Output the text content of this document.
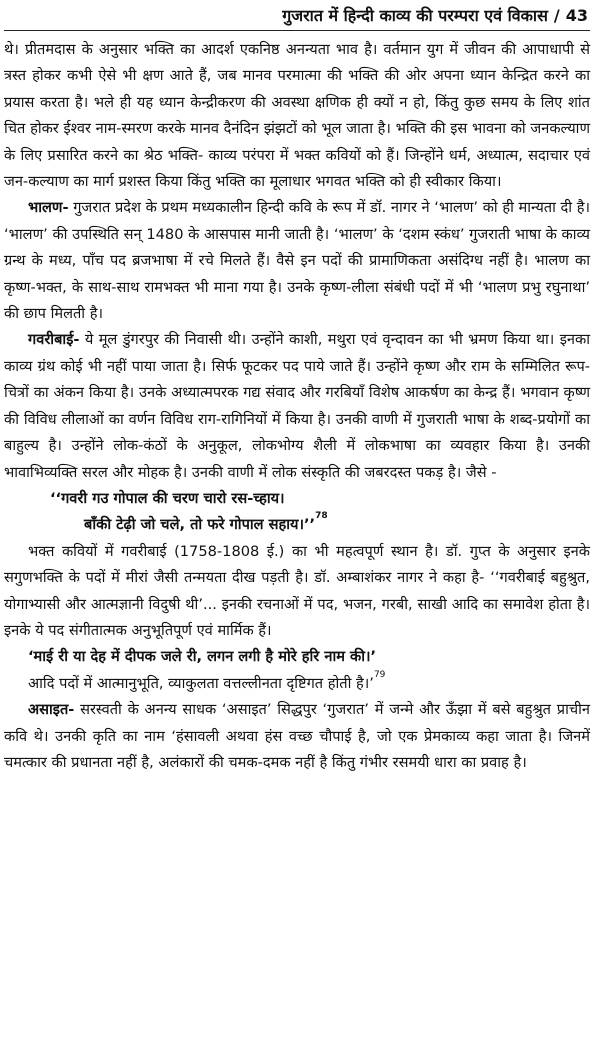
गुजरात में हिन्दी काव्य की परम्परा एवं विकास / 43

थे। प्रीतमदास के अनुसार भक्ति का आदर्श एकनिष्ठ अनन्यता भाव है। वर्तमान युग में जीवन की आपाधापी से त्रस्त होकर कभी ऐसे भी क्षण आते हैं, जब मानव परमात्मा की भक्ति की ओर अपना ध्यान केन्द्रित करने का प्रयास करता है। भले ही यह ध्यान केन्द्रीकरण की अवस्था क्षणिक ही क्यों न हो, किंतु कुछ समय के लिए शांत चित होकर ईश्वर नाम-स्मरण करके मानव दैनंदिन झंझटों को भूल जाता है। भक्ति की इस भावना को जनकल्याण के लिए प्रसारित करने का श्रेठ भक्ति- काव्य परंपरा में भक्त कवियों को हैं। जिन्होंने धर्म, अध्यात्म, सदाचार एवं जन-कल्याण का मार्ग प्रशस्त किया किंतु भक्ति का मूलाधार भगवत भक्ति को ही स्वीकार किया।

भालण- गुजरात प्रदेश के प्रथम मध्यकालीन हिन्दी कवि के रूप में डॉ. नागर ने ‘भालण’ को ही मान्यता दी है। ‘भालण’ की उपस्थिति सन् 1480 के आसपास मानी जाती है। ‘भालण’ के ‘दशम स्कंध’ गुजराती भाषा के काव्य ग्रन्थ के मध्य, पाँच पद ब्रजभाषा में रचे मिलते हैं। वैसे इन पदों की प्रामाणिकता असंदिग्ध नहीं है। भालण का कृष्ण-भक्त, के साथ-साथ रामभक्त भी माना गया है। उनके कृष्ण-लीला संबंधी पदों में भी ‘भालण प्रभु रघुनाथा’ की छाप मिलती है।

गवरीबाई- ये मूल डुंगरपुर की निवासी थी। उन्होंने काशी, मथुरा एवं वृन्दावन का भी भ्रमण किया था। इनका काव्य ग्रंथ कोई भी नहीं पाया जाता है। सिर्फ फूटकर पद पाये जाते हैं। उन्होंने कृष्ण और राम के सम्मिलित रूप-चित्रों का अंकन किया है। उनके अध्यात्मपरक गद्य संवाद और गरबियाँ विशेष आकर्षण का केन्द्र हैं। भगवान कृष्ण की विविध लीलाओं का वर्णन विविध राग-रागिनियों में किया है। उनकी वाणी में गुजराती भाषा के शब्द-प्रयोगों का बाहुल्य है। उन्होंने लोक-कंठों के अनुकूल, लोकभोग्य शैली में लोकभाषा का व्यवहार किया है। उनकी भावाभिव्यक्ति सरल और मोहक है। उनकी वाणी में लोक संस्कृति की जबरदस्त पकड़ है। जैसे -

‘‘गवरी गउ गोपाल की चरण चारो रस-च्हाय।
बाँकी टेढ़ी जो चले, तो फरे गोपाल सहाय।’’$^{78}$

भक्त कवियों में गवरीबाई (1758-1808 ई.) का भी महत्वपूर्ण स्थान है। डॉ. गुप्त के अनुसार इनके सगुणभक्ति के पदों में मीरां जैसी तन्मयता दीख पड़ती है। डॉ. अम्बाशंकर नागर ने कहा है- ‘‘गवरीबाई बहुश्रुत, योगाभ्यासी और आत्मज्ञानी विदुषी थी’... इनकी रचनाओं में पद, भजन, गरबी, साखी आदि का समावेश होता है। इनके ये पद संगीतात्मक अनुभूतिपूर्ण एवं मार्मिक हैं।

‘माई री या देह में दीपक जले री, लगन लगी है मोरे हरि नाम की।’

आदि पदों में आत्मानुभूति, व्याकुलता वत्तल्लीनता दृष्टिगत होती है।’$^{79}$

असाइत- सरस्वती के अनन्य साधक ‘असाइत’ सिद्धपुर ‘गुजरात’ में जन्मे और ऊँझा में बसे बहुश्रुत प्राचीन कवि थे। उनकी कृति का नाम ‘हंसावली अथवा हंस वच्छ चौपाई है, जो एक प्रेमकाव्य कहा जाता है। जिनमें चमत्कार की प्रधानता नहीं है, अलंकारों की चमक-दमक नहीं है किंतु गंभीर रसमयी धारा का प्रवाह है।
